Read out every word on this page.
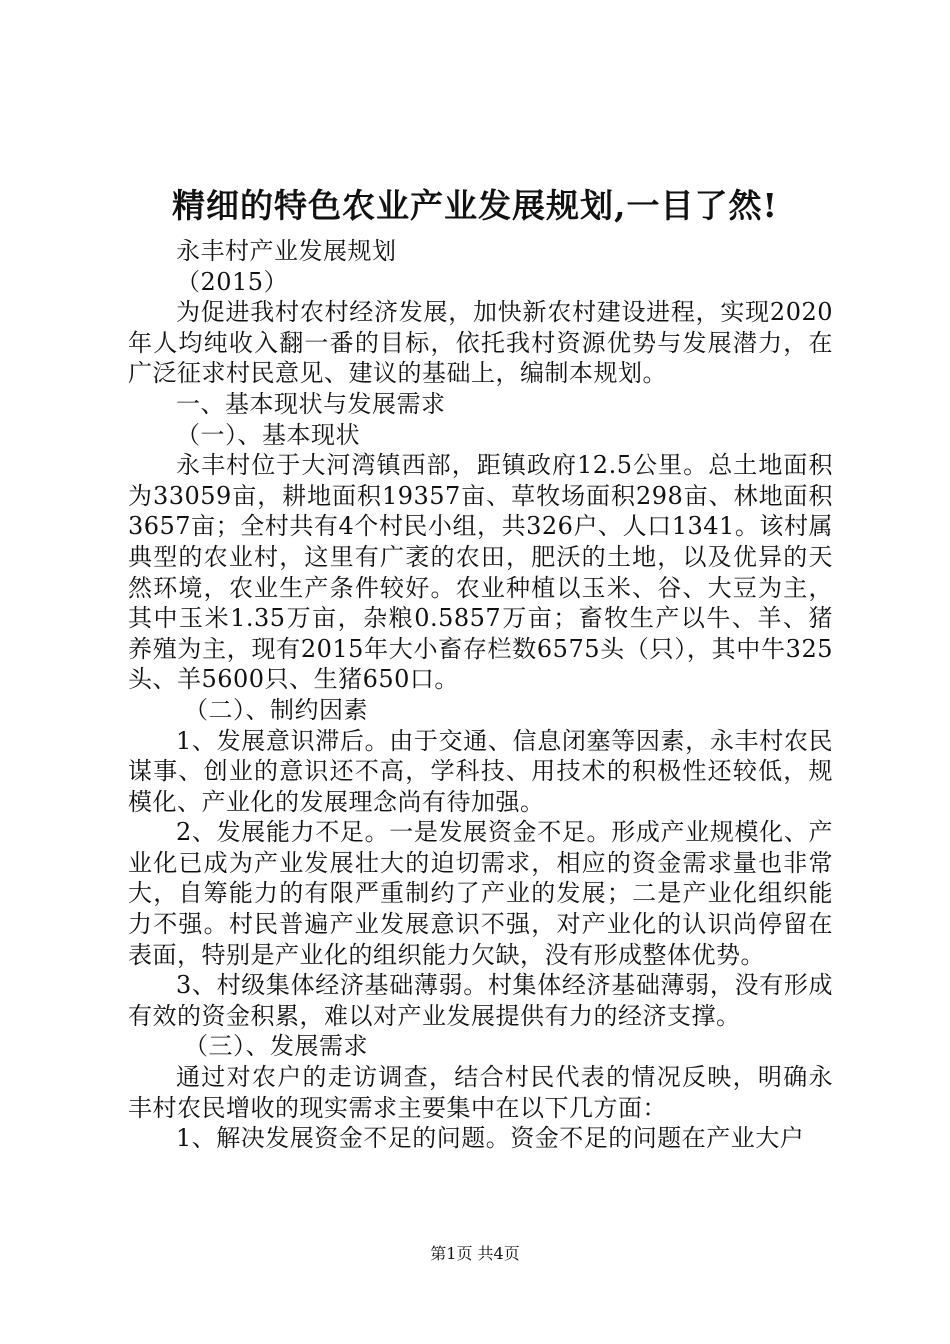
精细的特色农业产业发展规划,一目了然!

永丰村产业发展规划

（2015）

为促进我村农村经济发展，加快新农村建设进程，实现2020年人均纯收入翻一番的目标，依托我村资源优势与发展潜力，在广泛征求村民意见、建议的基础上，编制本规划。

一、基本现状与发展需求

（一）、基本现状

永丰村位于大河湾镇西部，距镇政府12.5公里。总土地面积为33059亩，耕地面积19357亩、草牧场面积298亩、林地面积3657亩；全村共有4个村民小组，共326户、人口1341。该村属典型的农业村，这里有广袤的农田，肥沃的土地，以及优异的天然环境，农业生产条件较好。农业种植以玉米、谷、大豆为主，其中玉米1.35万亩，杂粮0.5857万亩；畜牧生产以牛、羊、猪养殖为主，现有2015年大小畜存栏数6575头（只），其中牛325头、羊5600只、生猪650口。

（二）、制约因素

1、发展意识滞后。由于交通、信息闭塞等因素，永丰村农民谋事、创业的意识还不高，学科技、用技术的积极性还较低，规模化、产业化的发展理念尚有待加强。

2、发展能力不足。一是发展资金不足。形成产业规模化、产业化已成为产业发展壮大的迫切需求，相应的资金需求量也非常大，自筹能力的有限严重制约了产业的发展；二是产业化组织能力不强。村民普遍产业发展意识不强，对产业化的认识尚停留在表面，特别是产业化的组织能力欠缺，没有形成整体优势。

3、村级集体经济基础薄弱。村集体经济基础薄弱，没有形成有效的资金积累，难以对产业发展提供有力的经济支撑。

（三）、发展需求

通过对农户的走访调查，结合村民代表的情况反映，明确永丰村农民增收的现实需求主要集中在以下几方面：

1、解决发展资金不足的问题。资金不足的问题在产业大户

第1页 共4页
